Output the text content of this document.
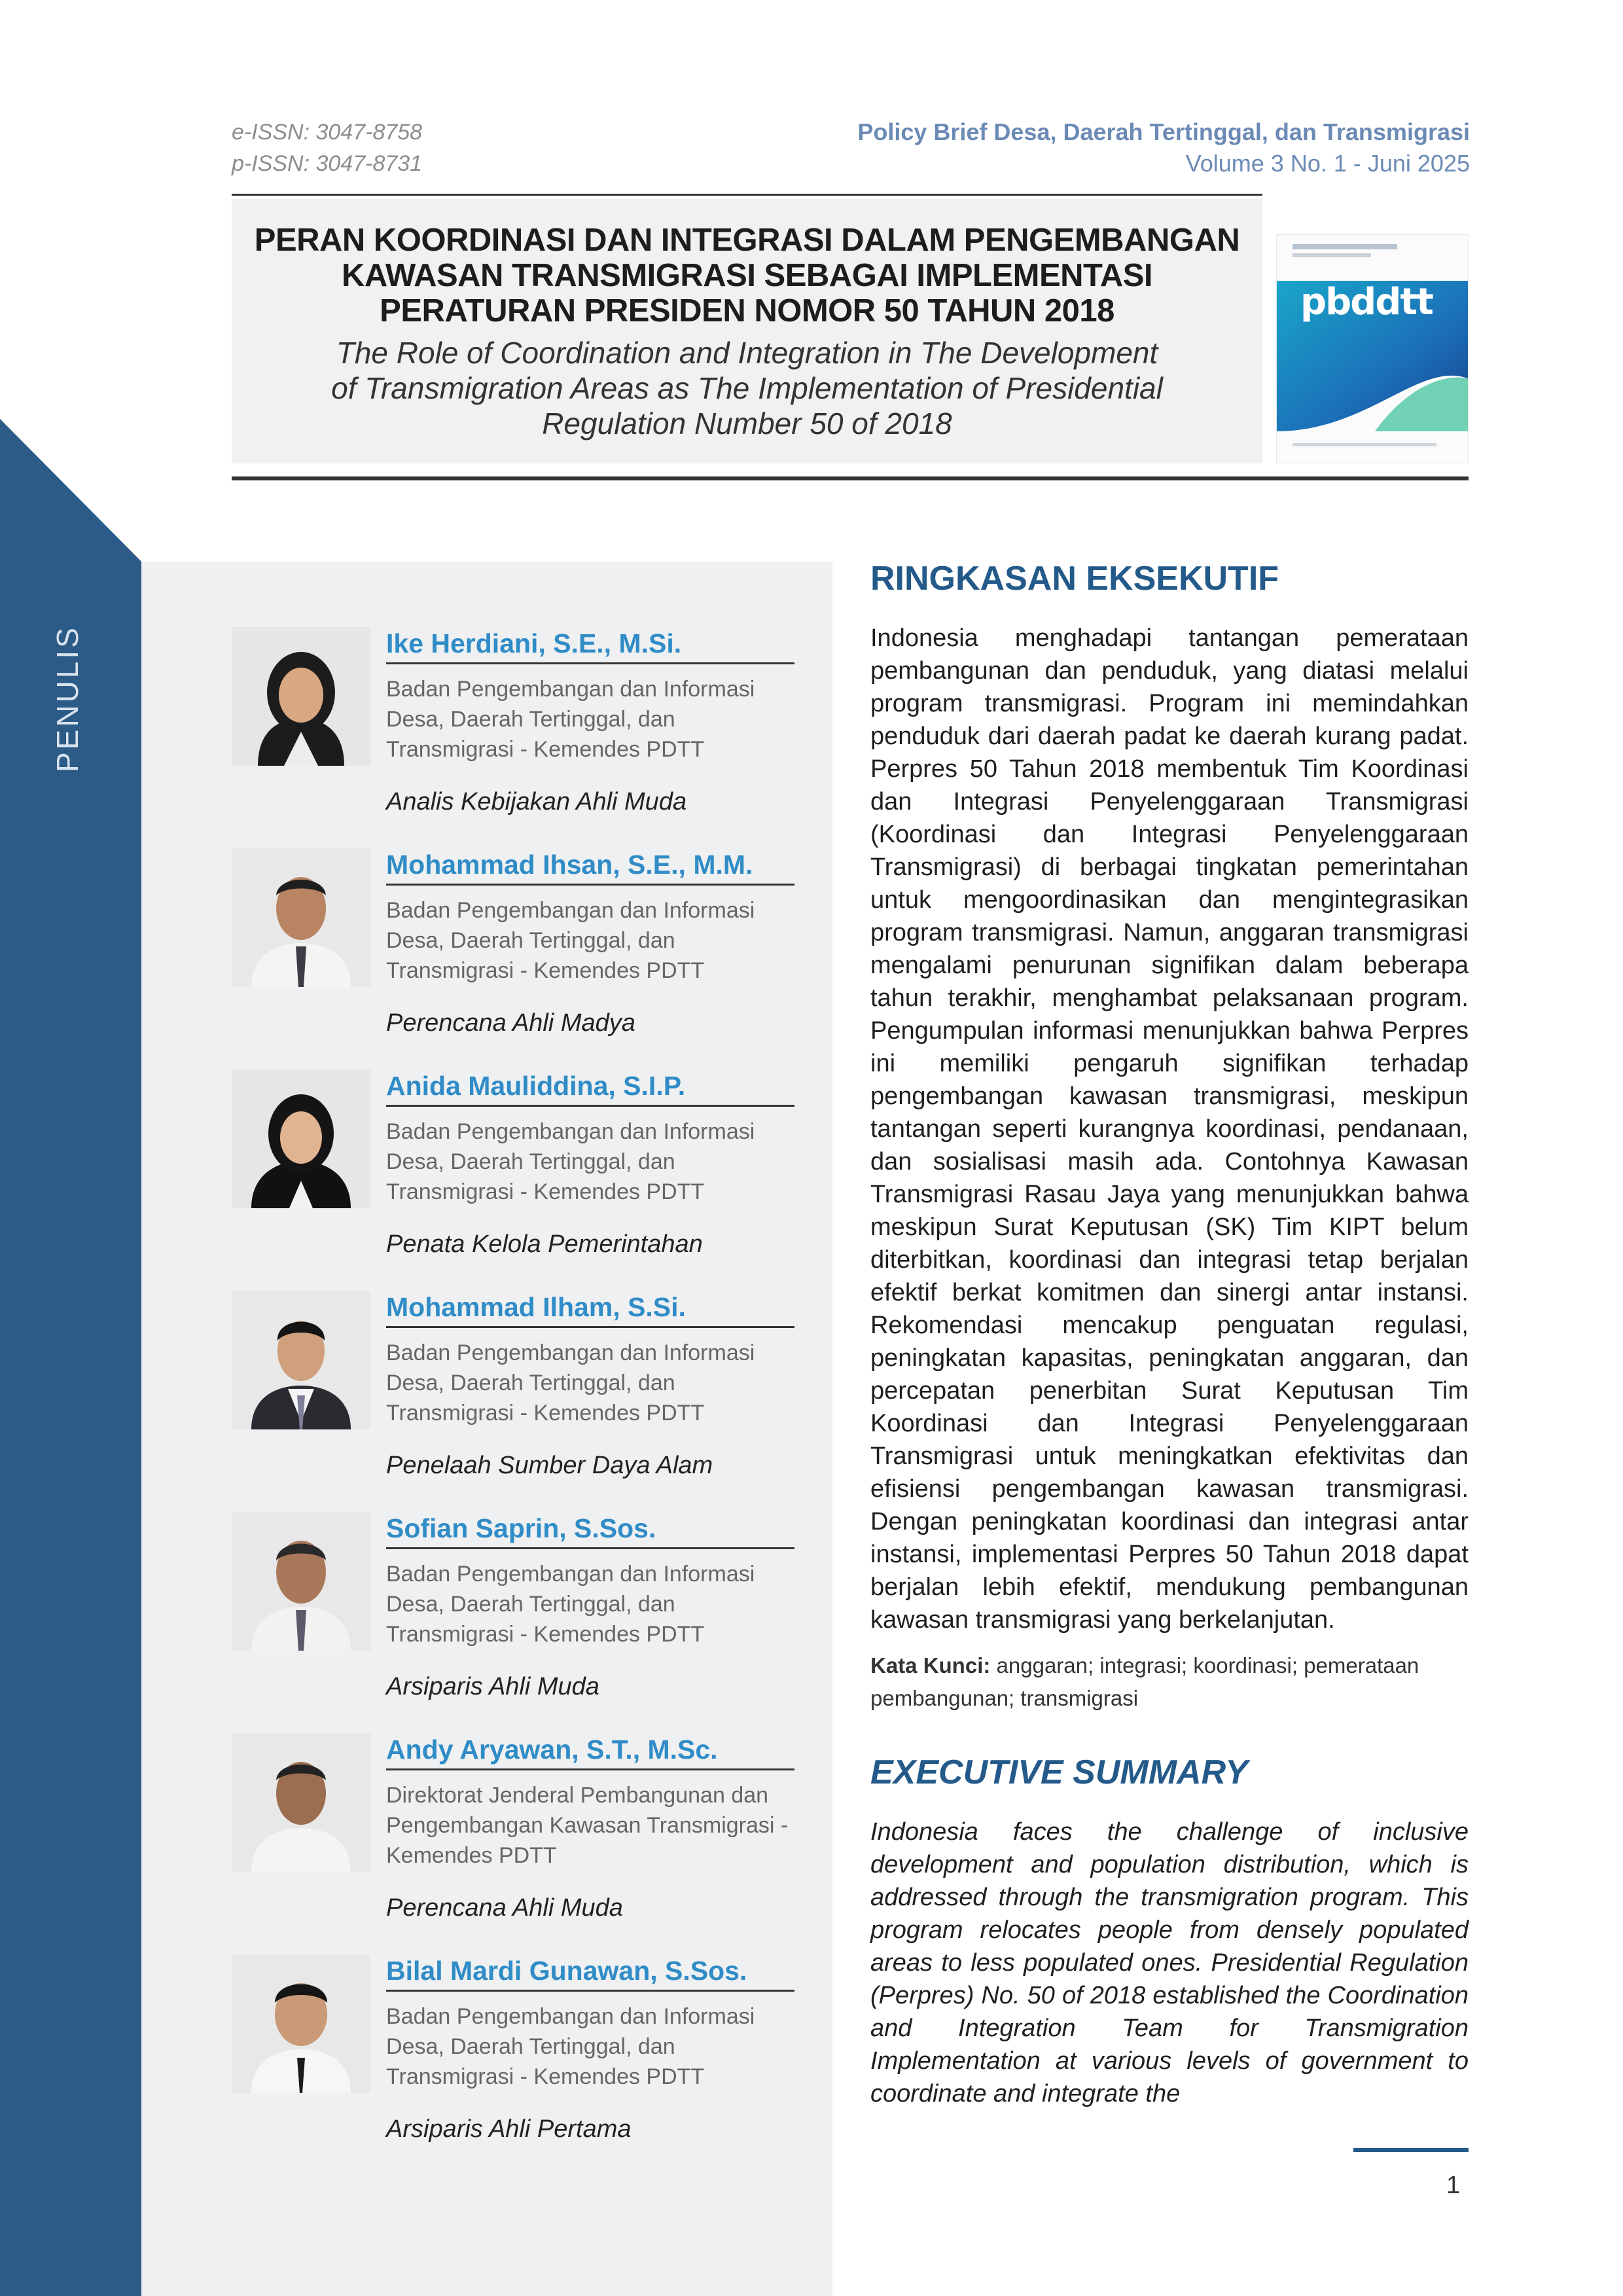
PENULIS
e-ISSN: 3047-8758
p-ISSN: 3047-8731
Policy Brief Desa, Daerah Tertinggal, dan Transmigrasi
Volume 3 No. 1 - Juni 2025
PERAN KOORDINASI DAN INTEGRASI DALAM PENGEMBANGAN KAWASAN TRANSMIGRASI SEBAGAI IMPLEMENTASI PERATURAN PRESIDEN NOMOR 50 TAHUN 2018
The Role of Coordination and Integration in The Development of Transmigration Areas as The Implementation of Presidential Regulation Number 50 of 2018
pbddtt
Ike Herdiani, S.E., M.Si.
Badan Pengembangan dan Informasi Desa, Daerah Tertinggal, dan Transmigrasi - Kemendes PDTT
Analis Kebijakan Ahli Muda
Mohammad Ihsan, S.E., M.M.
Badan Pengembangan dan Informasi Desa, Daerah Tertinggal, dan Transmigrasi - Kemendes PDTT
Perencana Ahli Madya
Anida Mauliddina, S.I.P.
Badan Pengembangan dan Informasi Desa, Daerah Tertinggal, dan Transmigrasi - Kemendes PDTT
Penata Kelola Pemerintahan
Mohammad Ilham, S.Si.
Badan Pengembangan dan Informasi Desa, Daerah Tertinggal, dan Transmigrasi - Kemendes PDTT
Penelaah Sumber Daya Alam
Sofian Saprin, S.Sos.
Badan Pengembangan dan Informasi Desa, Daerah Tertinggal, dan Transmigrasi - Kemendes PDTT
Arsiparis Ahli Muda
Andy Aryawan, S.T., M.Sc.
Direktorat Jenderal Pembangunan dan Pengembangan Kawasan Transmigrasi - Kemendes PDTT
Perencana Ahli Muda
Bilal Mardi Gunawan, S.Sos.
Badan Pengembangan dan Informasi Desa, Daerah Tertinggal, dan Transmigrasi - Kemendes PDTT
Arsiparis Ahli Pertama
RINGKASAN EKSEKUTIF
Indonesia menghadapi tantangan pemerataan pembangunan dan penduduk, yang diatasi melalui program transmigrasi. Program ini memindahkan penduduk dari daerah padat ke daerah kurang padat. Perpres 50 Tahun 2018 membentuk Tim Koordinasi dan Integrasi Penyelenggaraan Transmigrasi (Koordinasi dan Integrasi Penyelenggaraan Transmigrasi) di berbagai tingkatan pemerintahan untuk mengoordinasikan dan mengintegrasikan program transmigrasi. Namun, anggaran transmigrasi mengalami penurunan signifikan dalam beberapa tahun terakhir, menghambat pelaksanaan program. Pengumpulan informasi menunjukkan bahwa Perpres ini memiliki pengaruh signifikan terhadap pengembangan kawasan transmigrasi, meskipun tantangan seperti kurangnya koordinasi, pendanaan, dan sosialisasi masih ada. Contohnya Kawasan Transmigrasi Rasau Jaya yang menunjukkan bahwa meskipun Surat Keputusan (SK) Tim KIPT belum diterbitkan, koordinasi dan integrasi tetap berjalan efektif berkat komitmen dan sinergi antar instansi. Rekomendasi mencakup penguatan regulasi, peningkatan kapasitas, peningkatan anggaran, dan percepatan penerbitan Surat Keputusan Tim Koordinasi dan Integrasi Penyelenggaraan Transmigrasi untuk meningkatkan efektivitas dan efisiensi pengembangan kawasan transmigrasi. Dengan peningkatan koordinasi dan integrasi antar instansi, implementasi Perpres 50 Tahun 2018 dapat berjalan lebih efektif, mendukung pembangunan kawasan transmigrasi yang berkelanjutan.
Kata Kunci: anggaran; integrasi; koordinasi; pemerataan pembangunan; transmigrasi
EXECUTIVE SUMMARY
Indonesia faces the challenge of inclusive development and population distribution, which is addressed through the transmigration program. This program relocates people from densely populated areas to less populated ones. Presidential Regulation (Perpres) No. 50 of 2018 established the Coordination and Integration Team for Transmigration Implementation at various levels of government to coordinate and integrate the
1
